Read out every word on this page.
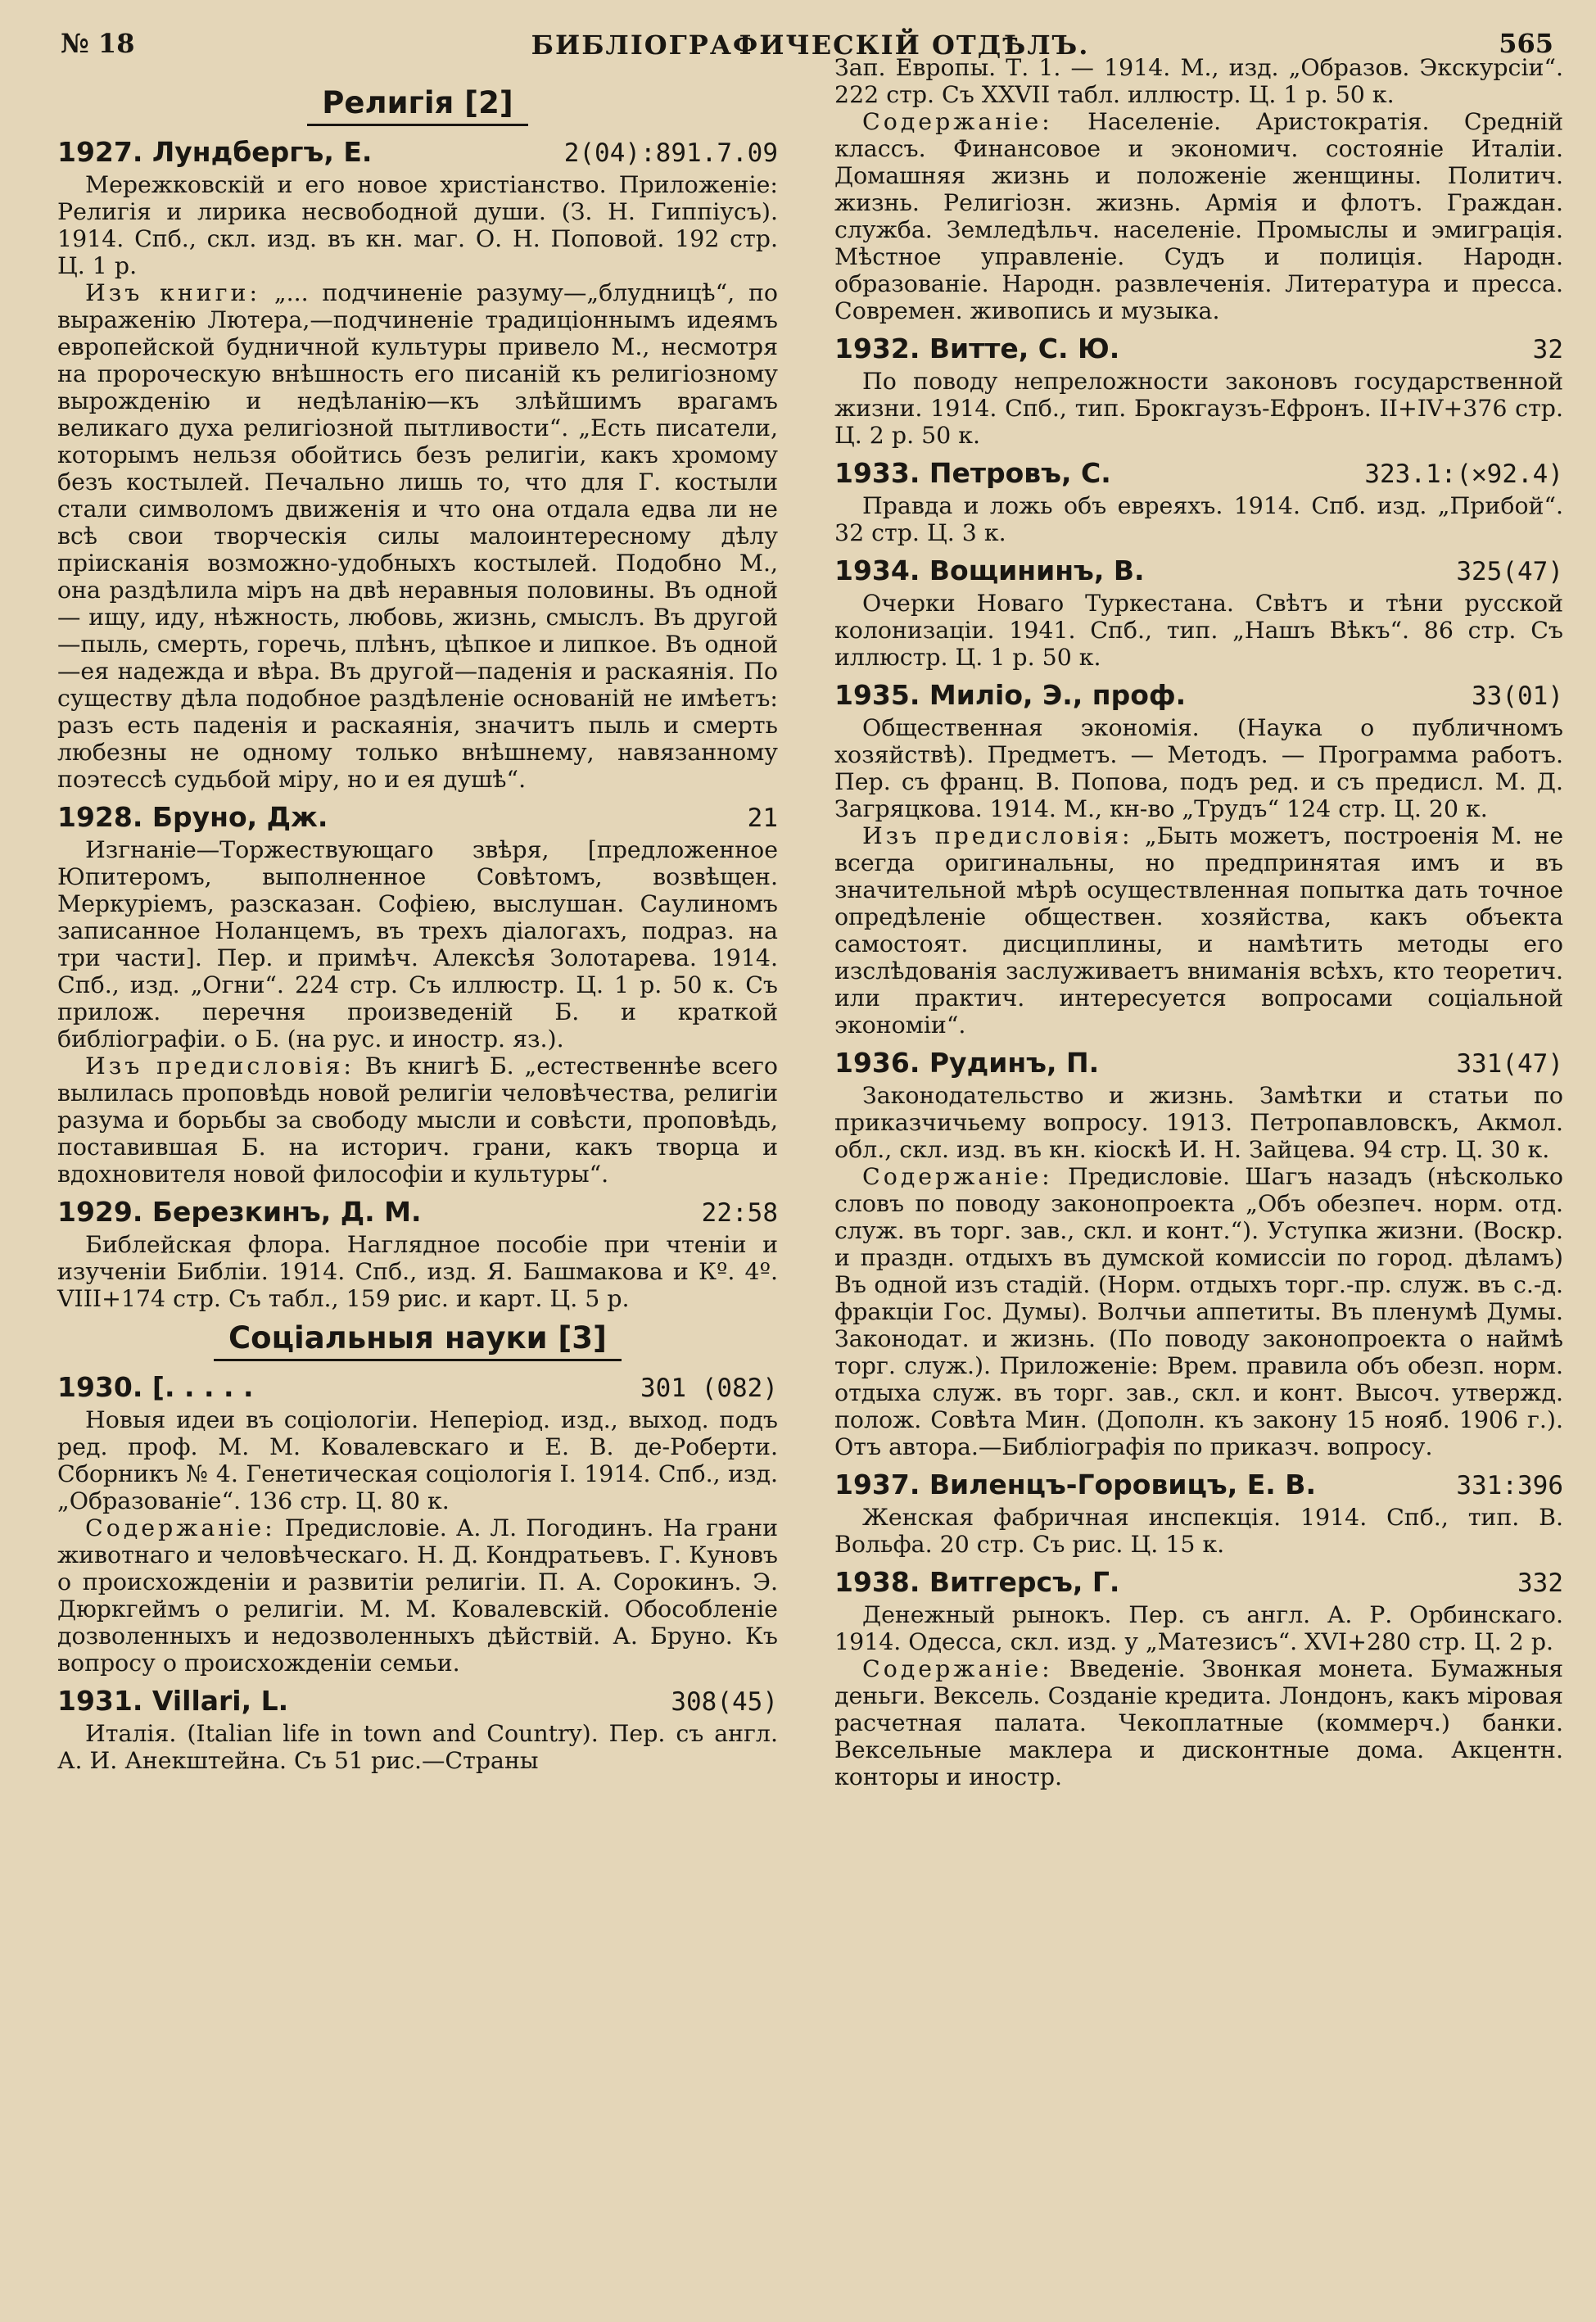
№ 18	БИБЛІОГРАФИЧЕСКІЙ ОТДѢЛЪ.	565
Религія [2]
1927. Лундбергъ, Е.	2(04):891.7.09

Мережковскій и его новое христіанство. Приложеніе: Религія и лирика несвободной души. (З. Н. Гиппіусъ). 1914. Спб., скл. изд. въ кн. маг. О. Н. Поповой. 192 стр. Ц. 1 р.

Изъ книги: „... подчиненіе разуму—„блудницѣ“, по выраженію Лютера,—подчиненіе традиціоннымъ идеямъ европейской будничной культуры привело М., несмотря на пророческую внѣшность его писаній къ религіозному вырожденію и недѣланію—къ злѣйшимъ врагамъ великаго духа религіозной пытливости“. „Есть писатели, которымъ нельзя обойтись безъ религіи, какъ хромому безъ костылей. Печально лишь то, что для Г. костыли стали символомъ движенія и что она отдала едва ли не всѣ свои творческія силы малоинтересному дѣлу пріисканія возможно-удобныхъ костылей. Подобно М., она раздѣлила міръ на двѣ неравныя половины. Въ одной — ищу, иду, нѣжность, любовь, жизнь, смыслъ. Въ другой—пыль, смерть, горечь, плѣнъ, цѣпкое и липкое. Въ одной—ея надежда и вѣра. Въ другой—паденія и раскаянія. По существу дѣла подобное раздѣленіе основаній не имѣетъ: разъ есть паденія и раскаянія, значитъ пыль и смерть любезны не одному только внѣшнему, навязанному поэтессѣ судьбой міру, но и ея душѣ“.

1928. Бруно, Дж.	21

Изгнаніе—Торжествующаго звѣря, [предложенное Юпитеромъ, выполненное Совѣтомъ, возвѣщен. Меркуріемъ, разсказан. Софіею, выслушан. Саулиномъ записанное Ноланцемъ, въ трехъ діалогахъ, подраз. на три части]. Пер. и примѣч. Алексѣя Золотарева. 1914. Спб., изд. „Огни“. 224 стр. Съ иллюстр. Ц. 1 р. 50 к. Съ прилож. перечня произведеній Б. и краткой библіографіи. о Б. (на рус. и иностр. яз.).

Изъ предисловія: Въ книгѣ Б. „естественнѣе всего вылилась проповѣдь новой религіи человѣчества, религіи разума и борьбы за свободу мысли и совѣсти, проповѣдь, поставившая Б. на историч. грани, какъ творца и вдохновителя новой философіи и культуры“.

1929. Березкинъ, Д. М.	22:58

Библейская флора. Наглядное пособіе при чтеніи и изученіи Библіи. 1914. Спб., изд. Я. Башмакова и Кº. 4º. VIII+174 стр. Съ табл., 159 рис. и карт. Ц. 5 р.

Соціальныя науки [3]
1930. [. . . . .	301 (082)

Новыя идеи въ соціологіи. Неперіод. изд., выход. подъ ред. проф. М. М. Ковалевскаго и Е. В. де-Роберти. Сборникъ № 4. Генетическая соціологія I. 1914. Спб., изд. „Образованіе“. 136 стр. Ц. 80 к.

Содержаніе: Предисловіе. А. Л. Погодинъ. На грани животнаго и человѣческаго. Н. Д. Кондратьевъ. Г. Куновъ о происхожденіи и развитіи религіи. П. А. Сорокинъ. Э. Дюркгеймъ о религіи. М. М. Ковалевскій. Обособленіе дозволенныхъ и недозволенныхъ дѣйствій. А. Бруно. Къ вопросу о происхожденіи семьи.

1931. Villari, L.	308(45)

Италія. (Italian life in town and Country). Пер. съ англ. А. И. Анекштейна. Съ 51 рис.—Страны

Зап. Европы. Т. 1. — 1914. М., изд. „Образов. Экскурсіи“. 222 стр. Съ XXVII табл. иллюстр. Ц. 1 р. 50 к.

Содержаніе: Населеніе. Аристократія. Средній классъ. Финансовое и экономич. состояніе Италіи. Домашняя жизнь и положеніе женщины. Политич. жизнь. Религіозн. жизнь. Армія и флотъ. Граждан. служба. Земледѣльч. населеніе. Промыслы и эмиграція. Мѣстное управленіе. Судъ и полиція. Народн. образованіе. Народн. развлеченія. Литература и пресса. Современ. живопись и музыка.

1932. Витте, С. Ю.	32

По поводу непреложности законовъ государственной жизни. 1914. Спб., тип. Брокгаузъ-Ефронъ. II+IV+376 стр. Ц. 2 р. 50 к.

1933. Петровъ, С.	323.1:(✕92.4)

Правда и ложь объ евреяхъ. 1914. Спб. изд. „Прибой“. 32 стр. Ц. 3 к.

1934. Вощининъ, В.	325(47)

Очерки Новаго Туркестана. Свѣтъ и тѣни русской колонизаціи. 1941. Спб., тип. „Нашъ Вѣкъ“. 86 стр. Съ иллюстр. Ц. 1 р. 50 к.

1935. Миліо, Э., проф.	33(01)

Общественная экономія. (Наука о публичномъ хозяйствѣ). Предметъ. — Методъ. — Программа работъ. Пер. съ франц. В. Попова, подъ ред. и съ предисл. М. Д. Загряцкова. 1914. М., кн-во „Трудъ“ 124 стр. Ц. 20 к.

Изъ предисловія: „Быть можетъ, построенія М. не всегда оригинальны, но предпринятая имъ и въ значительной мѣрѣ осуществленная попытка дать точное опредѣленіе обществен. хозяйства, какъ объекта самостоят. дисциплины, и намѣтить методы его изслѣдованія заслуживаетъ вниманія всѣхъ, кто теоретич. или практич. интересуется вопросами соціальной экономіи“.

1936. Рудинъ, П.	331(47)

Законодательство и жизнь. Замѣтки и статьи по приказчичьему вопросу. 1913. Петропавловскъ, Акмол. обл., скл. изд. въ кн. кіоскѣ И. Н. Зайцева. 94 стр. Ц. 30 к.

Содержаніе: Предисловіе. Шагъ назадъ (нѣсколько словъ по поводу законопроекта „Объ обезпеч. норм. отд. служ. въ торг. зав., скл. и конт.“). Уступка жизни. (Воскр. и праздн. отдыхъ въ думской комиссіи по город. дѣламъ) Въ одной изъ стадій. (Норм. отдыхъ торг.-пр. служ. въ с.-д. фракціи Гос. Думы). Волчьи аппетиты. Въ пленумѣ Думы. Законодат. и жизнь. (По поводу законопроекта о наймѣ торг. служ.). Приложеніе: Врем. правила объ обезп. норм. отдыха служ. въ торг. зав., скл. и конт. Высоч. утвержд. полож. Совѣта Мин. (Дополн. къ закону 15 нояб. 1906 г.). Отъ автора.—Библіографія по приказч. вопросу.

1937. Виленцъ-Горовицъ, Е. В.	331:396

Женская фабричная инспекція. 1914. Спб., тип. В. Вольфа. 20 стр. Съ рис. Ц. 15 к.

1938. Витгерсъ, Г.	332

Денежный рынокъ. Пер. съ англ. А. Р. Орбинскаго. 1914. Одесса, скл. изд. у „Матезисъ“. XVI+280 стр. Ц. 2 р.

Содержаніе: Введеніе. Звонкая монета. Бумажныя деньги. Вексель. Созданіе кредита. Лондонъ, какъ міровая расчетная палата. Чекоплатные (коммерч.) банки. Вексельные маклера и дисконтные дома. Акцентн. конторы и иностр.
